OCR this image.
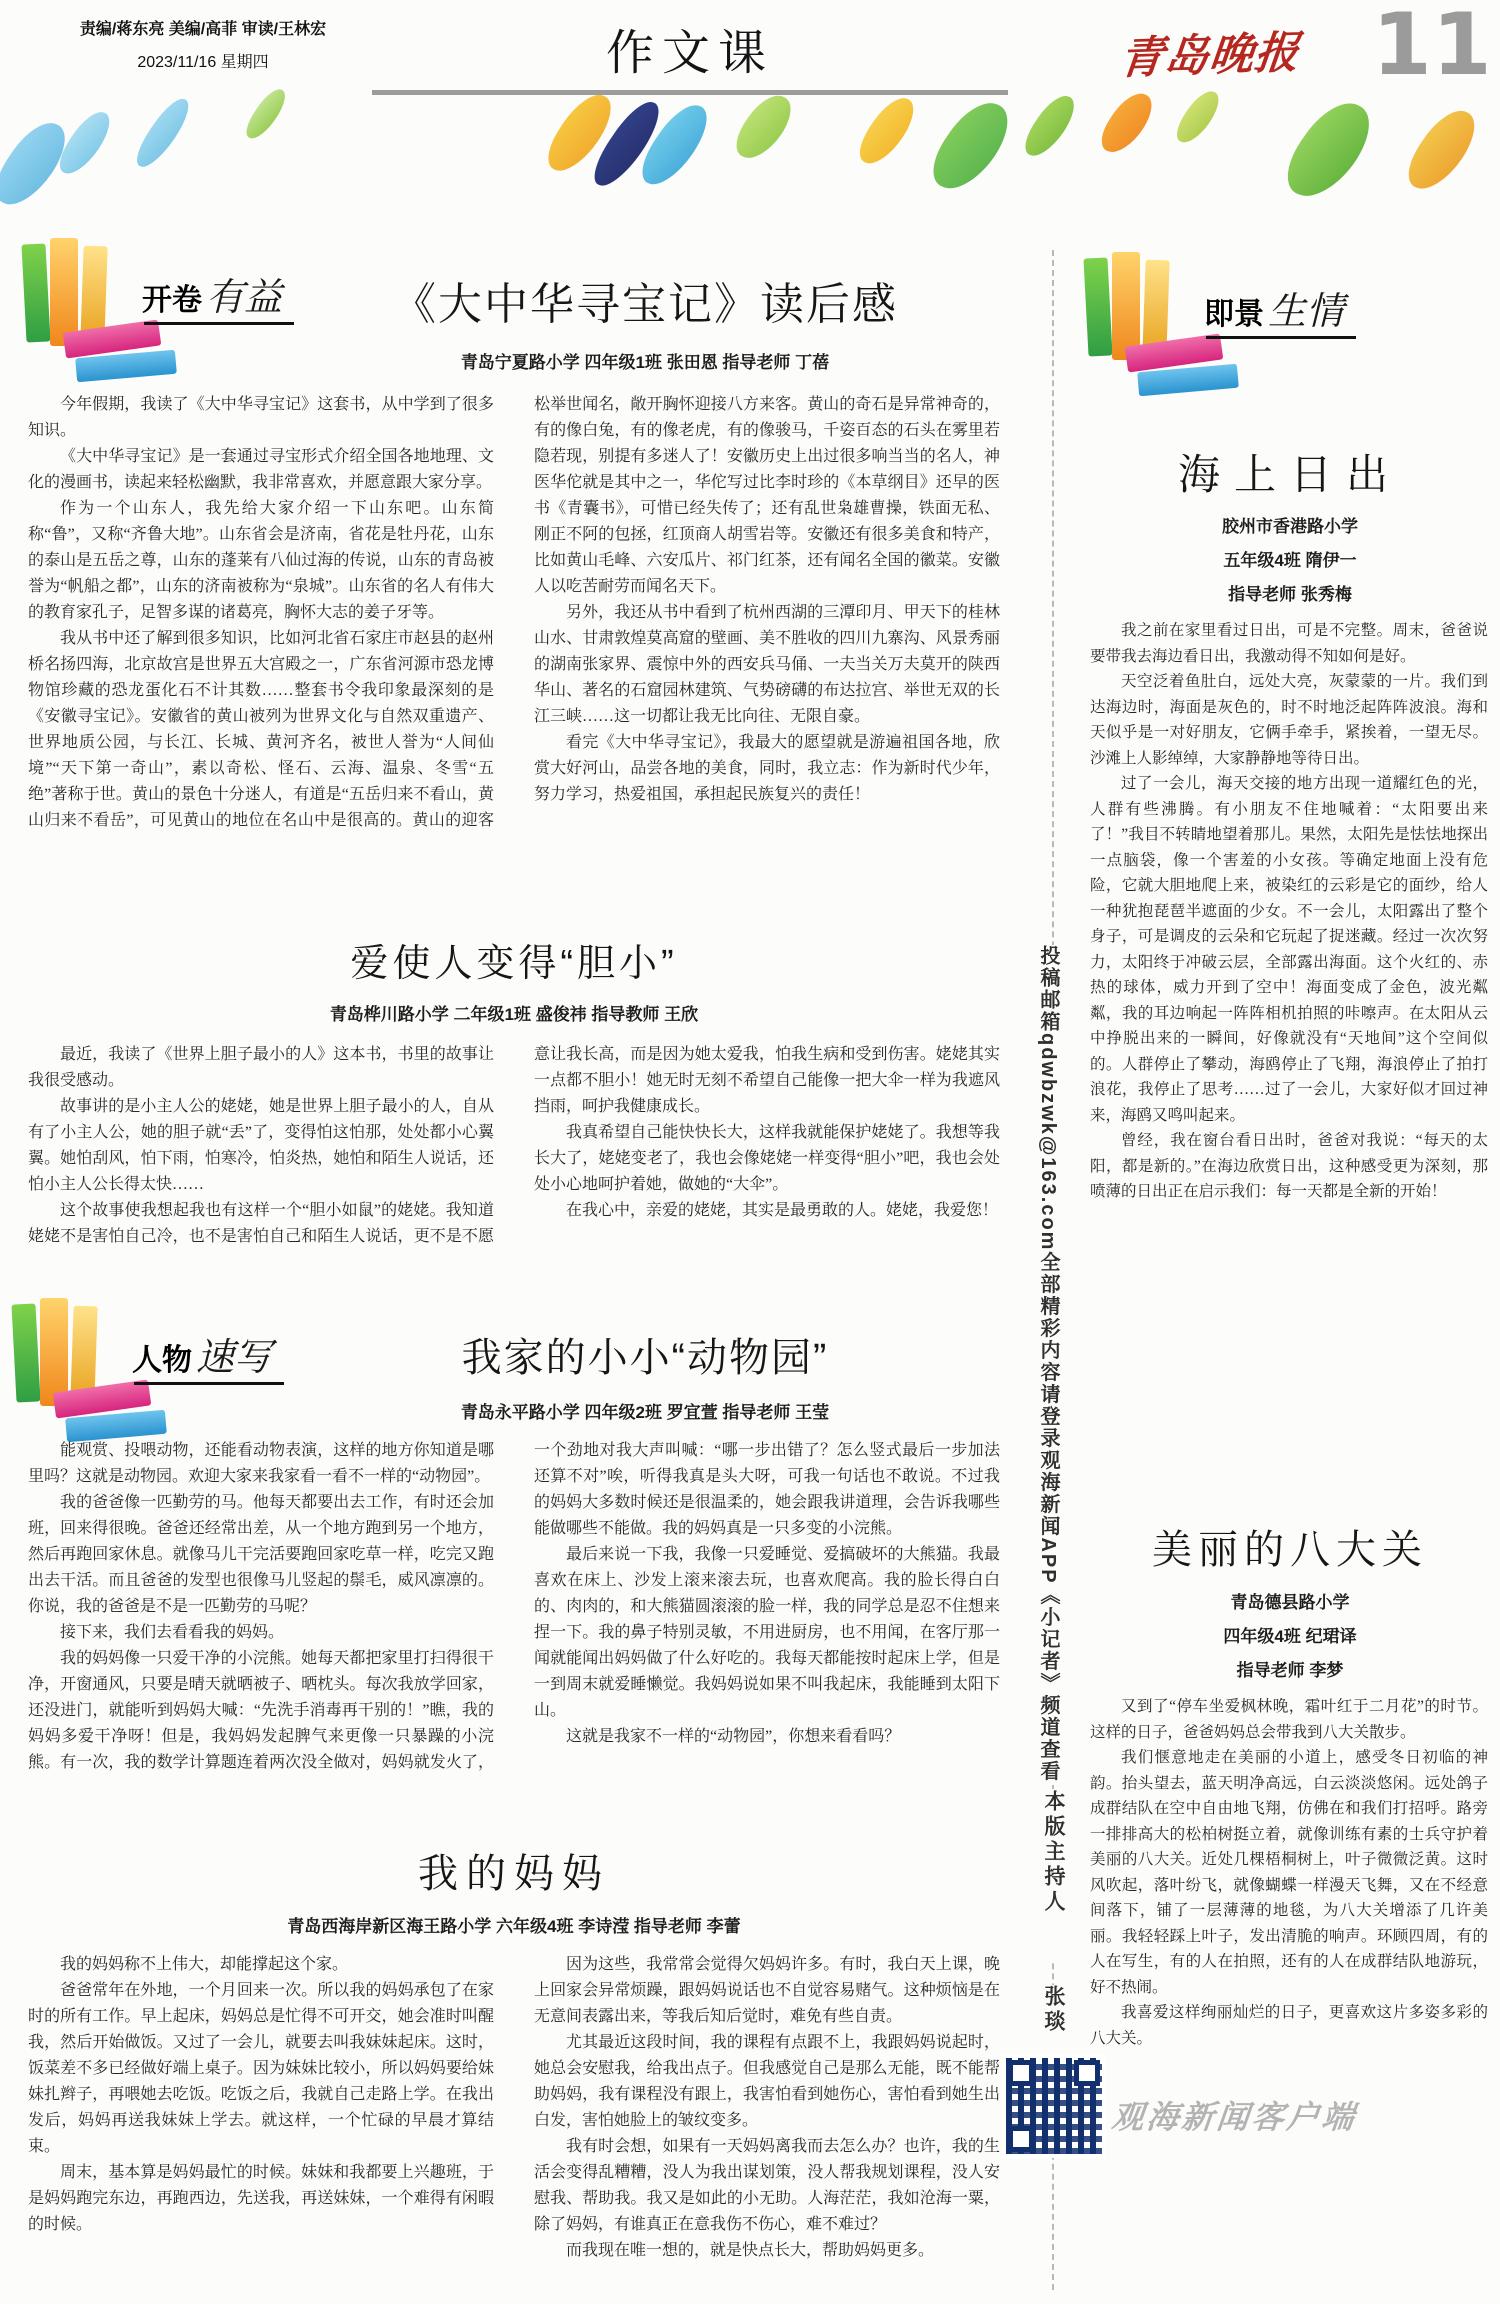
责编/蒋东亮 美编/高菲 审读/王林宏
2023/11/16 星期四	作文课	青岛晚报 11
开卷 有益	《大中华寻宝记》读后感
青岛宁夏路小学 四年级1班 张田恩 指导老师 丁蓓

今年假期，我读了《大中华寻宝记》这套书，从中学到了很多知识。

《大中华寻宝记》是一套通过寻宝形式介绍全国各地地理、文化的漫画书，读起来轻松幽默，我非常喜欢，并愿意跟大家分享。

作为一个山东人，我先给大家介绍一下山东吧。山东简称“鲁”，又称“齐鲁大地”。山东省会是济南，省花是牡丹花，山东的泰山是五岳之尊，山东的蓬莱有八仙过海的传说，山东的青岛被誉为“帆船之都”，山东的济南被称为“泉城”。山东省的名人有伟大的教育家孔子，足智多谋的诸葛亮，胸怀大志的姜子牙等。

我从书中还了解到很多知识，比如河北省石家庄市赵县的赵州桥名扬四海，北京故宫是世界五大宫殿之一，广东省河源市恐龙博物馆珍藏的恐龙蛋化石不计其数……整套书令我印象最深刻的是《安徽寻宝记》。安徽省的黄山被列为世界文化与自然双重遗产、世界地质公园，与长江、长城、黄河齐名，被世人誉为“人间仙境”“天下第一奇山”，素以奇松、怪石、云海、温泉、冬雪“五绝”著称于世。黄山的景色十分迷人，有道是“五岳归来不看山，黄山归来不看岳”，可见黄山的地位在名山中是很高的。黄山的迎客松举世闻名，敞开胸怀迎接八方来客。黄山的奇石是异常神奇的，有的像白兔，有的像老虎，有的像骏马，千姿百态的石头在雾里若隐若现，别提有多迷人了！安徽历史上出过很多响当当的名人，神医华佗就是其中之一，华佗写过比李时珍的《本草纲目》还早的医书《青囊书》，可惜已经失传了；还有乱世枭雄曹操，铁面无私、刚正不阿的包拯，红顶商人胡雪岩等。安徽还有很多美食和特产，比如黄山毛峰、六安瓜片、祁门红茶，还有闻名全国的徽菜。安徽人以吃苦耐劳而闻名天下。

另外，我还从书中看到了杭州西湖的三潭印月、甲天下的桂林山水、甘肃敦煌莫高窟的壁画、美不胜收的四川九寨沟、风景秀丽的湖南张家界、震惊中外的西安兵马俑、一夫当关万夫莫开的陕西华山、著名的石窟园林建筑、气势磅礴的布达拉宫、举世无双的长江三峡……这一切都让我无比向往、无限自豪。

看完《大中华寻宝记》，我最大的愿望就是游遍祖国各地，欣赏大好河山，品尝各地的美食，同时，我立志：作为新时代少年，努力学习，热爱祖国，承担起民族复兴的责任！

爱使人变得“胆小”
青岛桦川路小学 二年级1班 盛俊祎 指导教师 王欣

最近，我读了《世界上胆子最小的人》这本书，书里的故事让我很受感动。

故事讲的是小主人公的姥姥，她是世界上胆子最小的人，自从有了小主人公，她的胆子就“丢”了，变得怕这怕那，处处都小心翼翼。她怕刮风，怕下雨，怕寒冷，怕炎热，她怕和陌生人说话，还怕小主人公长得太快……

这个故事使我想起我也有这样一个“胆小如鼠”的姥姥。我知道姥姥不是害怕自己冷，也不是害怕自己和陌生人说话，更不是不愿意让我长高，而是因为她太爱我，怕我生病和受到伤害。姥姥其实一点都不胆小！她无时无刻不希望自己能像一把大伞一样为我遮风挡雨，呵护我健康成长。

我真希望自己能快快长大，这样我就能保护姥姥了。我想等我长大了，姥姥变老了，我也会像姥姥一样变得“胆小”吧，我也会处处小心地呵护着她，做她的“大伞”。

在我心中，亲爱的姥姥，其实是最勇敢的人。姥姥，我爱您！

人物 速写	我家的小小“动物园”
青岛永平路小学 四年级2班 罗宜萱 指导老师 王莹

能观赏、投喂动物，还能看动物表演，这样的地方你知道是哪里吗？这就是动物园。欢迎大家来我家看一看不一样的“动物园”。

我的爸爸像一匹勤劳的马。他每天都要出去工作，有时还会加班，回来得很晚。爸爸还经常出差，从一个地方跑到另一个地方，然后再跑回家休息。就像马儿干完活要跑回家吃草一样，吃完又跑出去干活。而且爸爸的发型也很像马儿竖起的鬃毛，威风凛凛的。你说，我的爸爸是不是一匹勤劳的马呢？

接下来，我们去看看我的妈妈。

我的妈妈像一只爱干净的小浣熊。她每天都把家里打扫得很干净，开窗通风，只要是晴天就晒被子、晒枕头。每次我放学回家，还没进门，就能听到妈妈大喊：“先洗手消毒再干别的！”瞧，我的妈妈多爱干净呀！但是，我妈妈发起脾气来更像一只暴躁的小浣熊。有一次，我的数学计算题连着两次没全做对，妈妈就发火了，一个劲地对我大声叫喊：“哪一步出错了？怎么竖式最后一步加法还算不对”唉，听得我真是头大呀，可我一句话也不敢说。不过我的妈妈大多数时候还是很温柔的，她会跟我讲道理，会告诉我哪些能做哪些不能做。我的妈妈真是一只多变的小浣熊。

最后来说一下我，我像一只爱睡觉、爱搞破坏的大熊猫。我最喜欢在床上、沙发上滚来滚去玩，也喜欢爬高。我的脸长得白白的、肉肉的，和大熊猫圆滚滚的脸一样，我的同学总是忍不住想来捏一下。我的鼻子特别灵敏，不用进厨房，也不用闻，在客厅那一闻就能闻出妈妈做了什么好吃的。我每天都能按时起床上学，但是一到周末就爱睡懒觉。我妈妈说如果不叫我起床，我能睡到太阳下山。

这就是我家不一样的“动物园”，你想来看看吗？

我的妈妈
青岛西海岸新区海王路小学 六年级4班 李诗滢 指导老师 李蕾

我的妈妈称不上伟大，却能撑起这个家。

爸爸常年在外地，一个月回来一次。所以我的妈妈承包了在家时的所有工作。早上起床，妈妈总是忙得不可开交，她会准时叫醒我，然后开始做饭。又过了一会儿，就要去叫我妹妹起床。这时，饭菜差不多已经做好端上桌子。因为妹妹比较小，所以妈妈要给妹妹扎辫子，再喂她去吃饭。吃饭之后，我就自己走路上学。在我出发后，妈妈再送我妹妹上学去。就这样，一个忙碌的早晨才算结束。

周末，基本算是妈妈最忙的时候。妹妹和我都要上兴趣班，于是妈妈跑完东边，再跑西边，先送我，再送妹妹，一个难得有闲暇的时候。

因为这些，我常常会觉得欠妈妈许多。有时，我白天上课，晚上回家会异常烦躁，跟妈妈说话也不自觉容易赌气。这种烦恼是在无意间表露出来，等我后知后觉时，难免有些自责。

尤其最近这段时间，我的课程有点跟不上，我跟妈妈说起时，她总会安慰我，给我出点子。但我感觉自己是那么无能，既不能帮助妈妈，我有课程没有跟上，我害怕看到她伤心，害怕看到她生出白发，害怕她脸上的皱纹变多。

我有时会想，如果有一天妈妈离我而去怎么办？也许，我的生活会变得乱糟糟，没人为我出谋划策，没人帮我规划课程，没人安慰我、帮助我。我又是如此的小无助。人海茫茫，我如沧海一粟，除了妈妈，有谁真正在意我伤不伤心，难不难过？

而我现在唯一想的，就是快点长大，帮助妈妈更多。

投稿邮箱qdwbzwk@163.com全部精彩内容请登录观海新闻APP《小记者》频道查看
本版主持人
张琰
观海新闻客户端
即景 生情
海上日出

胶州市香港路小学

五年级4班 隋伊一

指导老师 张秀梅

我之前在家里看过日出，可是不完整。周末，爸爸说要带我去海边看日出，我激动得不知如何是好。

天空泛着鱼肚白，远处大亮，灰蒙蒙的一片。我们到达海边时，海面是灰色的，时不时地泛起阵阵波浪。海和天似乎是一对好朋友，它俩手牵手，紧挨着，一望无尽。沙滩上人影绰绰，大家静静地等待日出。

过了一会儿，海天交接的地方出现一道耀红色的光，人群有些沸腾。有小朋友不住地喊着：“太阳要出来了！”我目不转睛地望着那儿。果然，太阳先是怯怯地探出一点脑袋，像一个害羞的小女孩。等确定地面上没有危险，它就大胆地爬上来，被染红的云彩是它的面纱，给人一种犹抱琵琶半遮面的少女。不一会儿，太阳露出了整个身子，可是调皮的云朵和它玩起了捉迷藏。经过一次次努力，太阳终于冲破云层，全部露出海面。这个火红的、赤热的球体，威力开到了空中！海面变成了金色，波光粼粼，我的耳边响起一阵阵相机拍照的咔嚓声。在太阳从云中挣脱出来的一瞬间，好像就没有“天地间”这个空间似的。人群停止了攀动，海鸥停止了飞翔，海浪停止了拍打浪花，我停止了思考……过了一会儿，大家好似才回过神来，海鸥又鸣叫起来。

曾经，我在窗台看日出时，爸爸对我说：“每天的太阳，都是新的。”在海边欣赏日出，这种感受更为深刻，那喷薄的日出正在启示我们：每一天都是全新的开始！

美丽的八大关

青岛德县路小学

四年级4班 纪珺译

指导老师 李梦

又到了“停车坐爱枫林晚，霜叶红于二月花”的时节。这样的日子，爸爸妈妈总会带我到八大关散步。

我们惬意地走在美丽的小道上，感受冬日初临的神韵。抬头望去，蓝天明净高远，白云淡淡悠闲。远处鸽子成群结队在空中自由地飞翔，仿佛在和我们打招呼。路旁一排排高大的松柏树挺立着，就像训练有素的士兵守护着美丽的八大关。近处几棵梧桐树上，叶子微微泛黄。这时风吹起，落叶纷飞，就像蝴蝶一样漫天飞舞，又在不经意间落下，铺了一层薄薄的地毯，为八大关增添了几许美丽。我轻轻踩上叶子，发出清脆的响声。环顾四周，有的人在写生，有的人在拍照，还有的人在成群结队地游玩，好不热闹。

我喜爱这样绚丽灿烂的日子，更喜欢这片多姿多彩的八大关。
